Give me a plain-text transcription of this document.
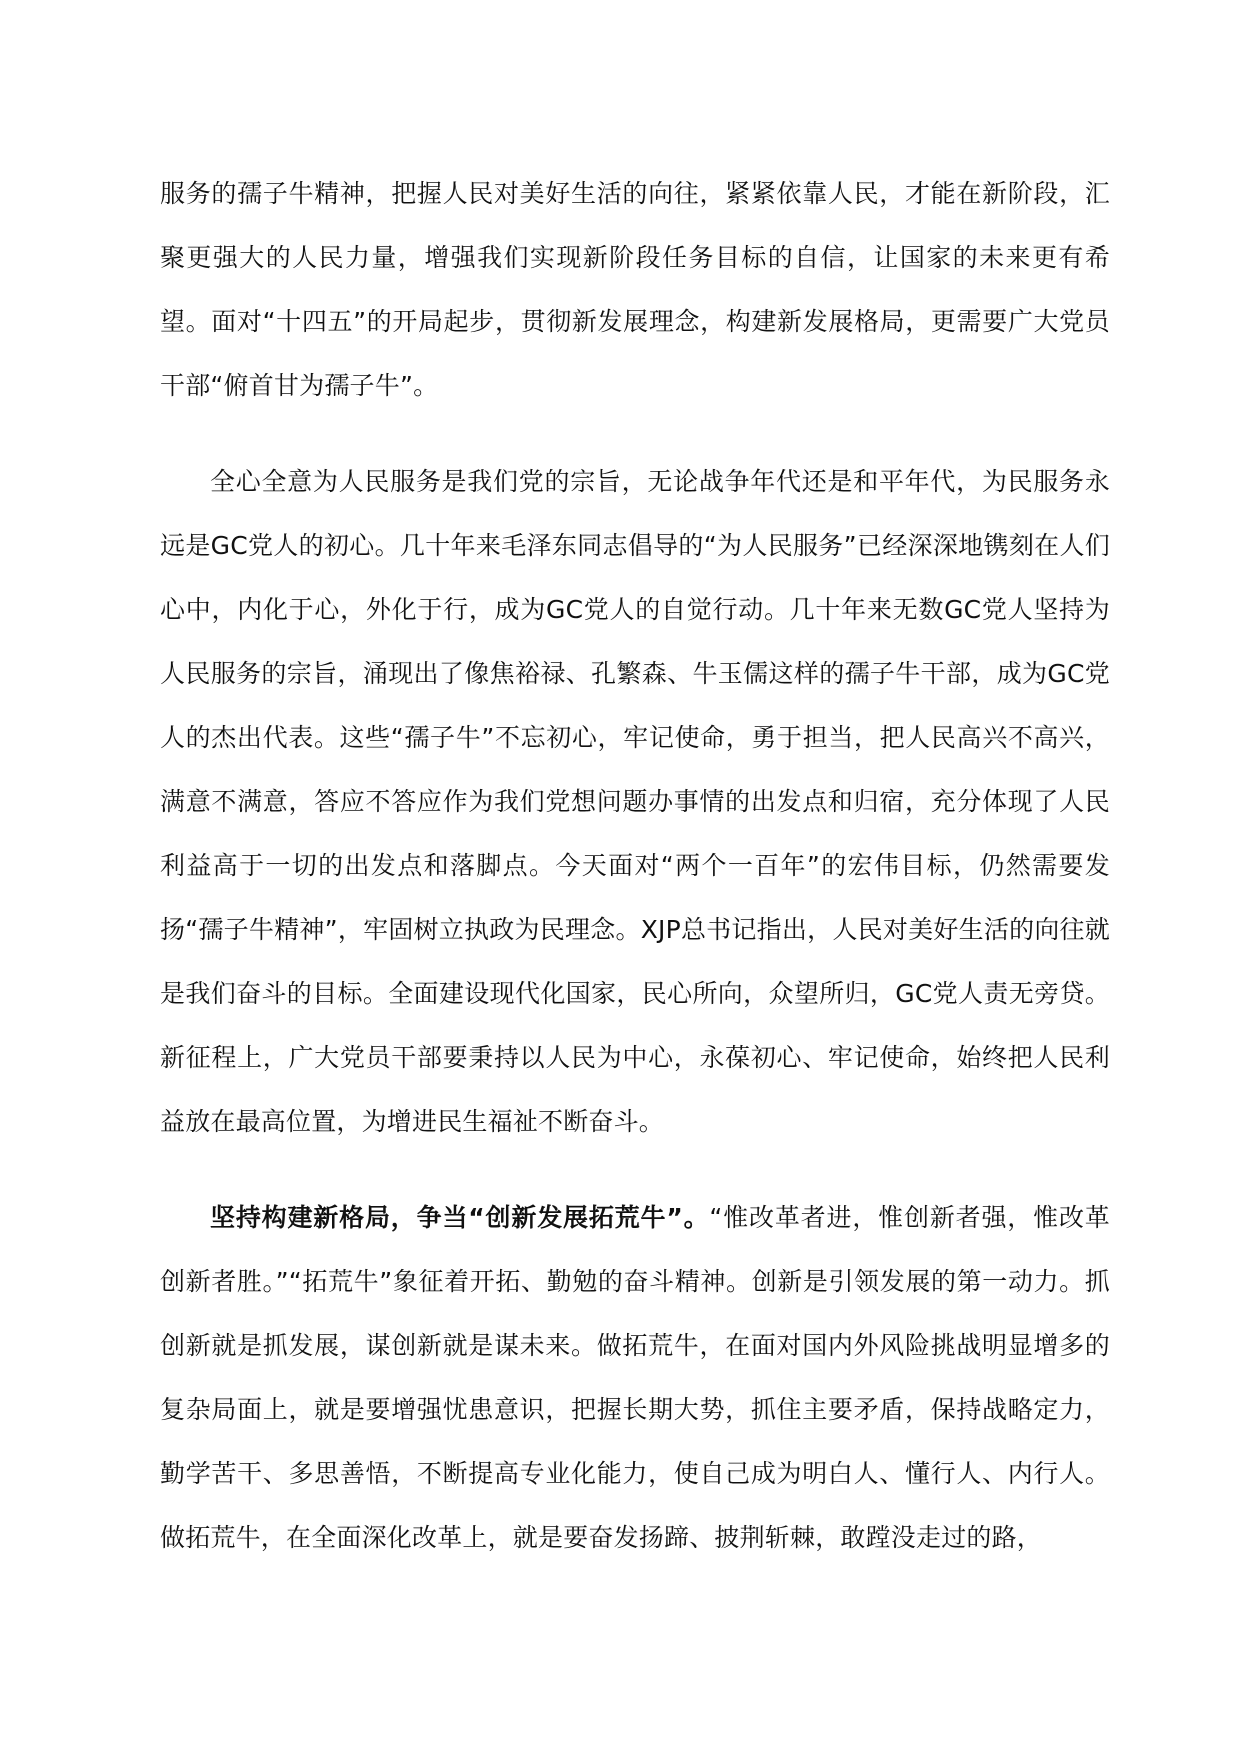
服务的孺子牛精神，把握人民对美好生活的向往，紧紧依靠人民，才能在新阶段，汇聚更强大的人民力量，增强我们实现新阶段任务目标的自信，让国家的未来更有希望。面对“十四五”的开局起步，贯彻新发展理念，构建新发展格局，更需要广大党员干部“俯首甘为孺子牛”。

全心全意为人民服务是我们党的宗旨，无论战争年代还是和平年代，为民服务永远是GC党人的初心。几十年来毛泽东同志倡导的“为人民服务”已经深深地镌刻在人们心中，内化于心，外化于行，成为GC党人的自觉行动。几十年来无数GC党人坚持为人民服务的宗旨，涌现出了像焦裕禄、孔繁森、牛玉儒这样的孺子牛干部，成为GC党人的杰出代表。这些“孺子牛”不忘初心，牢记使命，勇于担当，把人民高兴不高兴，满意不满意，答应不答应作为我们党想问题办事情的出发点和归宿，充分体现了人民利益高于一切的出发点和落脚点。今天面对“两个一百年”的宏伟目标，仍然需要发扬“孺子牛精神”，牢固树立执政为民理念。XJP总书记指出，人民对美好生活的向往就是我们奋斗的目标。全面建设现代化国家，民心所向，众望所归，GC党人责无旁贷。新征程上，广大党员干部要秉持以人民为中心，永葆初心、牢记使命，始终把人民利益放在最高位置，为增进民生福祉不断奋斗。

坚持构建新格局，争当“创新发展拓荒牛”。“惟改革者进，惟创新者强，惟改革创新者胜。”“拓荒牛”象征着开拓、勤勉的奋斗精神。创新是引领发展的第一动力。抓创新就是抓发展，谋创新就是谋未来。做拓荒牛，在面对国内外风险挑战明显增多的复杂局面上，就是要增强忧患意识，把握长期大势，抓住主要矛盾，保持战略定力，勤学苦干、多思善悟，不断提高专业化能力，使自己成为明白人、懂行人、内行人。做拓荒牛，在全面深化改革上，就是要奋发扬蹄、披荆斩棘，敢蹚没走过的路，
